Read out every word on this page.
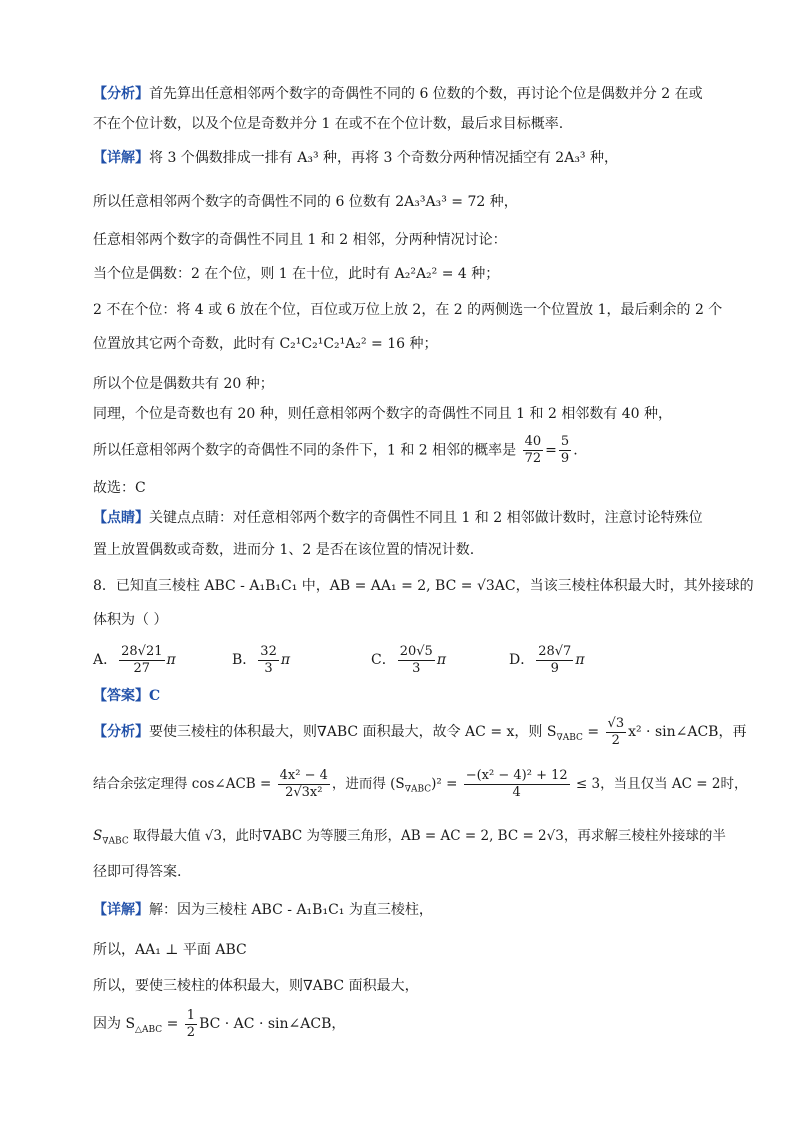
【分析】首先算出任意相邻两个数字的奇偶性不同的 6 位数的个数，再讨论个位是偶数并分 2 在或
不在个位计数，以及个位是奇数并分 1 在或不在个位计数，最后求目标概率.
【详解】将 3 个偶数排成一排有 A₃³ 种，再将 3 个奇数分两种情况插空有 2A₃³ 种，
所以任意相邻两个数字的奇偶性不同的 6 位数有 2A₃³A₃³ = 72 种，
任意相邻两个数字的奇偶性不同且 1 和 2 相邻，分两种情况讨论：
当个位是偶数：2 在个位，则 1 在十位，此时有 A₂²A₂² = 4 种；
2 不在个位：将 4 或 6 放在个位，百位或万位上放 2，在 2 的两侧选一个位置放 1，最后剩余的 2 个
位置放其它两个奇数，此时有 C₂¹C₂¹C₂¹A₂² = 16 种；
所以个位是偶数共有 20 种；
同理，个位是奇数也有 20 种，则任意相邻两个数字的奇偶性不同且 1 和 2 相邻数有 40 种，
所以任意相邻两个数字的奇偶性不同的条件下，1 和 2 相邻的概率是 $\frac{40}{72} = \frac{5}{9}$ .
故选：C
【点睛】关键点点睛：对任意相邻两个数字的奇偶性不同且 1 和 2 相邻做计数时，注意讨论特殊位
置上放置偶数或奇数，进而分 1、2 是否在该位置的情况计数.
8．已知直三棱柱 ABC - A₁B₁C₁ 中，AB = AA₁ = 2, BC = √3AC，当该三棱柱体积最大时，其外接球的
体积为（ ）
A． $\frac{28√21}{27}$ π	B． $\frac{32}{3}$ π	C． $\frac{20√5}{3}$ π	D． $\frac{28√7}{9}$ π
【答案】C
【分析】要使三棱柱的体积最大，则∇ABC 面积最大，故令 AC = x，则 $S_{\nabla ABC} = \frac{√3}{2} x^2$ · sin∠ACB，再
结合余弦定理得 cos∠ACB = $\frac{\text{4x² − 4}}{\text{2√3x²}}$ ，进而得 $(S_{\nabla ABC})^2 = \frac{\text{−(x² − 4)² + 12}}{4} \le 3$，当且仅当 AC = 2时，
$S_{\nabla ABC}$ 取得最大值 √3，此时∇ABC 为等腰三角形，AB = AC = 2, BC = 2√3，再求解三棱柱外接球的半
径即可得答案.
【详解】解：因为三棱柱 ABC - A₁B₁C₁ 为直三棱柱，
所以，AA₁ ⊥ 平面 ABC
所以，要使三棱柱的体积最大，则∇ABC 面积最大，
因为 $S_{\triangle ABC} = \frac{1}{2}$ BC · AC · sin∠ACB，
